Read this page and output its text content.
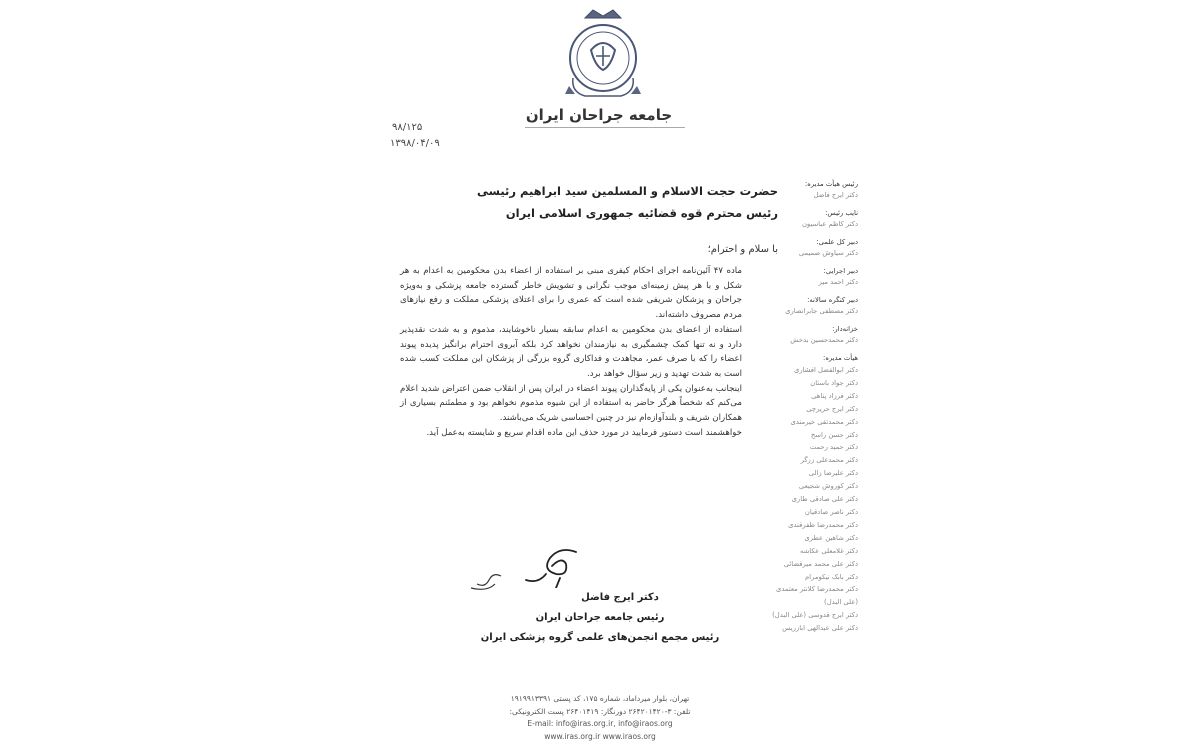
جامعه جراحان ایران
۹۸/۱۲۵
۱۳۹۸/۰۴/۰۹
حضرت حجت الاسلام و المسلمین سید ابراهیم رئیسی
رئیس محترم قوه قضائیه جمهوری اسلامی ایران
با سلام و احترام؛

ماده ۴۷ آئین‌نامه اجرای احکام کیفری مبنی بر استفاده از اعضاء بدن محکومین به اعدام به هر شکل و با هر پیش زمینه‌ای موجب نگرانی و تشویش خاطر گسترده جامعه پزشکی و به‌ویژه جراحان و پزشکان شریفی شده است که عمری را برای اعتلای پزشکی مملکت و رفع نیازهای مردم مصروف داشته‌اند.

استفاده از اعضای بدن محکومین به اعدام سابقه بسیار ناخوشایند، مذموم و به شدت نقدپذیر دارد و نه تنها کمک چشمگیری به نیازمندان نخواهد کرد بلکه آبروی احترام برانگیز پدیده پیوند اعضاء را که با صرف عمر، مجاهدت و فداکاری گروه بزرگی از پزشکان این مملکت کسب شده است به شدت تهدید و زیر سؤال خواهد برد.

اینجانب به‌عنوان یکی از پایه‌گذاران پیوند اعضاء در ایران پس از انقلاب ضمن اعتراض شدید اعلام می‌کنم که شخصاً هرگز حاضر به استفاده از این شیوه مذموم نخواهم بود و مطمئنم بسیاری از همکاران شریف و بلندآوازه‌ام نیز در چنین احساسی شریک می‌باشند.

خواهشمند است دستور فرمایید در مورد حذف این ماده اقدام سریع و شایسته به‌عمل آید.

دکتر ایرج فاضل
رئیس جامعه جراحان ایران
رئیس مجمع انجمن‌های علمی گروه پزشکی ایران
رئیس هیأت مدیره:
دکتر ایرج فاضل
نایب رئیس:
دکتر کاظم عباسیون
دبیر کل علمی:
دکتر سیاوش صمیمی
دبیر اجرایی:
دکتر احمد میر
دبیر کنگره سالانه:
دکتر مصطفی جابرانصاری
خزانه‌دار:
دکتر محمدحسین بدخش
هیأت مدیره:
دکتر ابوالفضل افشاری
دکتر جواد باستان
دکتر فرزاد پناهی
دکتر ایرج حریرچی
دکتر محمدتقی خیرمندی
دکتر حسن راسخ
دکتر حمید رحمت
دکتر محمدعلی زرگر
دکتر علیرضا زالی
دکتر کوروش شجیعی
دکتر علی صادقی طاری
دکتر ناصر صادقیان
دکتر محمدرضا ظفرقندی
دکتر شاهین عطری
دکتر غلامعلی عکاشه
دکتر علی محمد میرقضائی
دکتر بابک نیکومرام
دکتر محمدرضا کلانتر معتمدی (علی البدل)
دکتر ایرج قدوسی (علی البدل)
دکتر علی عبدالهی ابازریس
تهران، بلوار میرداماد، شماره ۱۷۵، کد پستی ۱۹۱۹۹۱۳۳۹۱
تلفن: ۳-۲۶۴۲۰۱۴۲۰ دورنگار: ۲۶۴۰۱۴۱۹ پست الکترونیکی:
E-mail: info@iras.org.ir, info@iraos.org
www.iras.org.ir www.iraos.org
